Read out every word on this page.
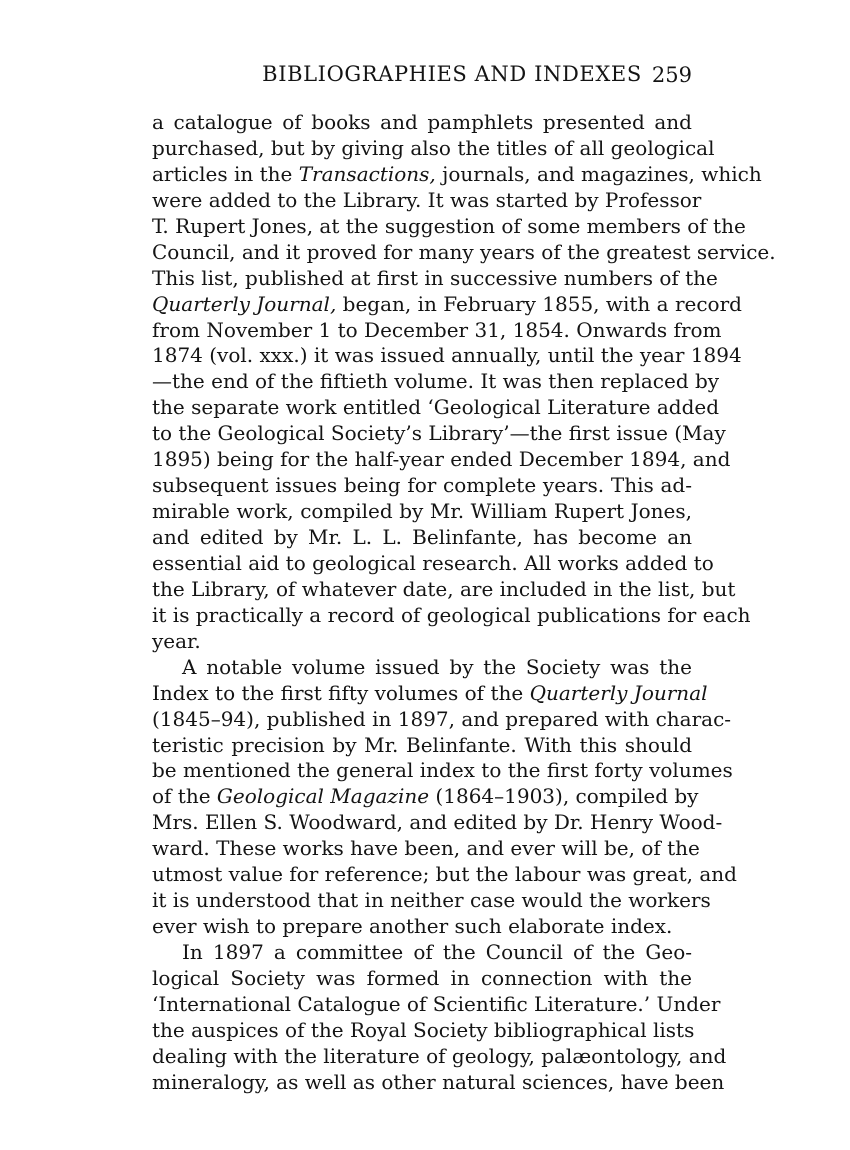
BIBLIOGRAPHIES AND INDEXES 259
a catalogue of books and pamphlets presented and
purchased, but by giving also the titles of all geological
articles in the Transactions, journals, and magazines, which
were added to the Library. It was started by Professor
T. Rupert Jones, at the suggestion of some members of the
Council, and it proved for many years of the greatest service.
This list, published at first in successive numbers of the
Quarterly Journal, began, in February 1855, with a record
from November 1 to December 31, 1854. Onwards from
1874 (vol. xxx.) it was issued annually, until the year 1894
—the end of the fiftieth volume. It was then replaced by
the separate work entitled ‘Geological Literature added
to the Geological Society’s Library’—the first issue (May
1895) being for the half-year ended December 1894, and
subsequent issues being for complete years. This ad-
mirable work, compiled by Mr. William Rupert Jones,
and edited by Mr. L. L. Belinfante, has become an
essential aid to geological research. All works added to
the Library, of whatever date, are included in the list, but
it is practically a record of geological publications for each
year.
A notable volume issued by the Society was the
Index to the first fifty volumes of the Quarterly Journal
(1845–94), published in 1897, and prepared with charac-
teristic precision by Mr. Belinfante. With this should
be mentioned the general index to the first forty volumes
of the Geological Magazine (1864–1903), compiled by
Mrs. Ellen S. Woodward, and edited by Dr. Henry Wood-
ward. These works have been, and ever will be, of the
utmost value for reference; but the labour was great, and
it is understood that in neither case would the workers
ever wish to prepare another such elaborate index.
In 1897 a committee of the Council of the Geo-
logical Society was formed in connection with the
‘International Catalogue of Scientific Literature.’ Under
the auspices of the Royal Society bibliographical lists
dealing with the literature of geology, palæontology, and
mineralogy, as well as other natural sciences, have been
